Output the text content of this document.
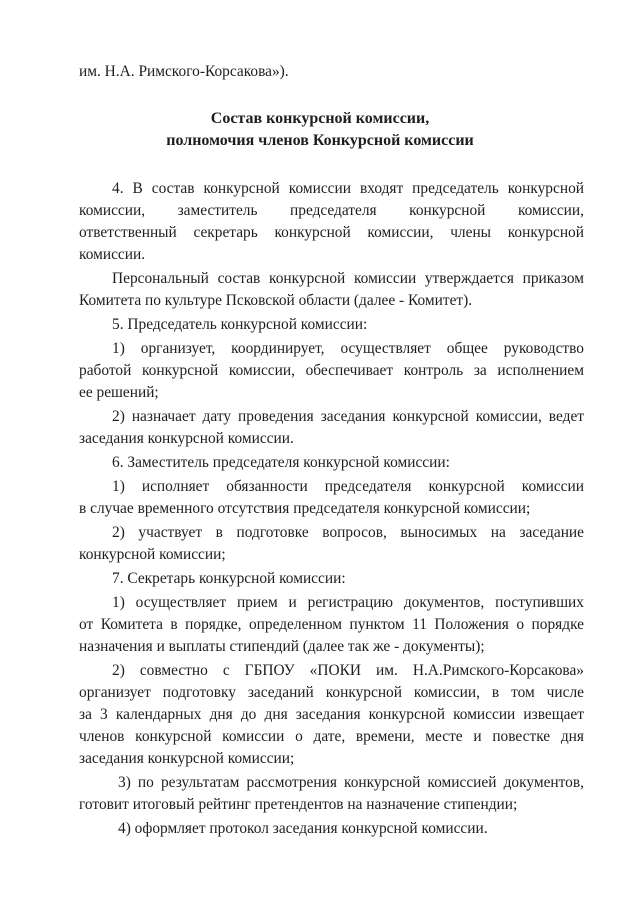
им. Н.А. Римского-Корсакова»).
Состав конкурсной комиссии,
полномочия членов Конкурсной комиссии
4. В состав конкурсной комиссии входят председатель конкурсной
комиссии, заместитель председателя конкурсной комиссии,
ответственный секретарь конкурсной комиссии, члены конкурсной
комиссии.
Персональный состав конкурсной комиссии утверждается приказом
Комитета по культуре Псковской области (далее - Комитет).
5. Председатель конкурсной комиссии:
1) организует, координирует, осуществляет общее руководство
работой конкурсной комиссии, обеспечивает контроль за исполнением
ее решений;
2) назначает дату проведения заседания конкурсной комиссии, ведет
заседания конкурсной комиссии.
6. Заместитель председателя конкурсной комиссии:
1) исполняет обязанности председателя конкурсной комиссии
в случае временного отсутствия председателя конкурсной комиссии;
2) участвует в подготовке вопросов, выносимых на заседание
конкурсной комиссии;
7. Секретарь конкурсной комиссии:
1) осуществляет прием и регистрацию документов, поступивших
от Комитета в порядке, определенном пунктом 11 Положения о порядке
назначения и выплаты стипендий (далее так же - документы);
2) совместно с ГБПОУ «ПОКИ им. Н.А.Римского-Корсакова»
организует подготовку заседаний конкурсной комиссии, в том числе
за 3 календарных дня до дня заседания конкурсной комиссии извещает
членов конкурсной комиссии о дате, времени, месте и повестке дня
заседания конкурсной комиссии;
3) по результатам рассмотрения конкурсной комиссией документов,
готовит итоговый рейтинг претендентов на назначение стипендии;
4) оформляет протокол заседания конкурсной комиссии.
